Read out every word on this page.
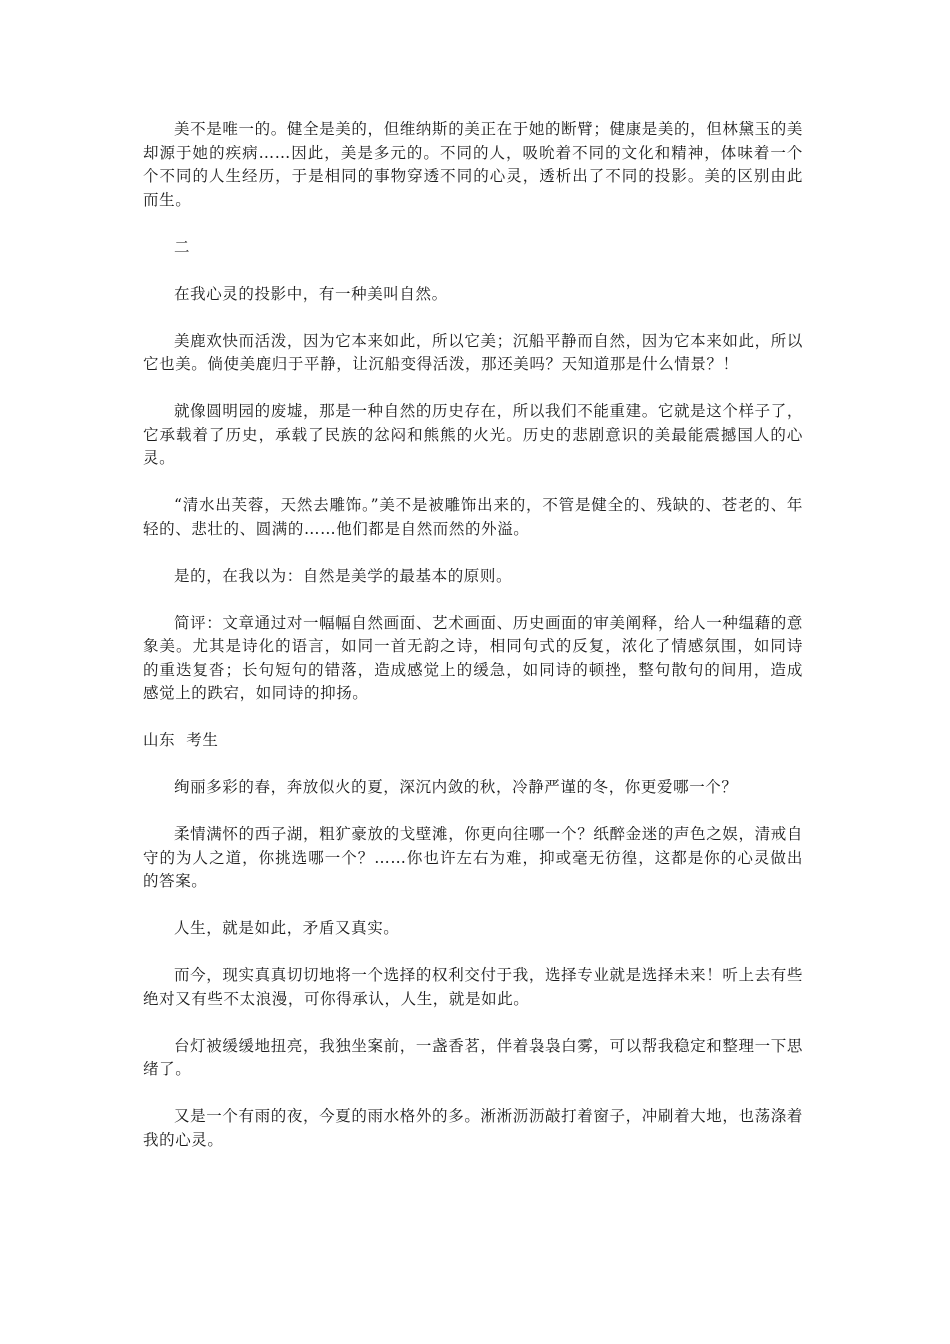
美不是唯一的。健全是美的，但维纳斯的美正在于她的断臂；健康是美的，但林黛玉的美却源于她的疾病……因此，美是多元的。不同的人，吸吮着不同的文化和精神，体味着一个个不同的人生经历，于是相同的事物穿透不同的心灵，透析出了不同的投影。美的区别由此而生。

二

在我心灵的投影中，有一种美叫自然。

美鹿欢快而活泼，因为它本来如此，所以它美；沉船平静而自然，因为它本来如此，所以它也美。倘使美鹿归于平静，让沉船变得活泼，那还美吗？天知道那是什么情景？！

就像圆明园的废墟，那是一种自然的历史存在，所以我们不能重建。它就是这个样子了，它承载着了历史，承载了民族的忿闷和熊熊的火光。历史的悲剧意识的美最能震撼国人的心灵。

“清水出芙蓉，天然去雕饰。”美不是被雕饰出来的，不管是健全的、残缺的、苍老的、年轻的、悲壮的、圆满的……他们都是自然而然的外溢。

是的，在我以为：自然是美学的最基本的原则。

简评：文章通过对一幅幅自然画面、艺术画面、历史画面的审美阐释，给人一种缊藉的意象美。尤其是诗化的语言，如同一首无韵之诗，相同句式的反复，浓化了情感氛围，如同诗的重迭复沓；长句短句的错落，造成感觉上的缓急，如同诗的顿挫，整句散句的间用，造成感觉上的跌宕，如同诗的抑扬。

山东  考生

绚丽多彩的春，奔放似火的夏，深沉内敛的秋，冷静严谨的冬，你更爱哪一个？

柔情满怀的西子湖，粗犷豪放的戈壁滩，你更向往哪一个？纸醉金迷的声色之娱，清戒自守的为人之道，你挑选哪一个？……你也许左右为难，抑或毫无彷徨，这都是你的心灵做出的答案。

人生，就是如此，矛盾又真实。

而今，现实真真切切地将一个选择的权利交付于我，选择专业就是选择未来！听上去有些绝对又有些不太浪漫，可你得承认，人生，就是如此。

台灯被缓缓地扭亮，我独坐案前，一盏香茗，伴着袅袅白雾，可以帮我稳定和整理一下思绪了。

又是一个有雨的夜，今夏的雨水格外的多。淅淅沥沥敲打着窗子，冲刷着大地，也荡涤着我的心灵。
